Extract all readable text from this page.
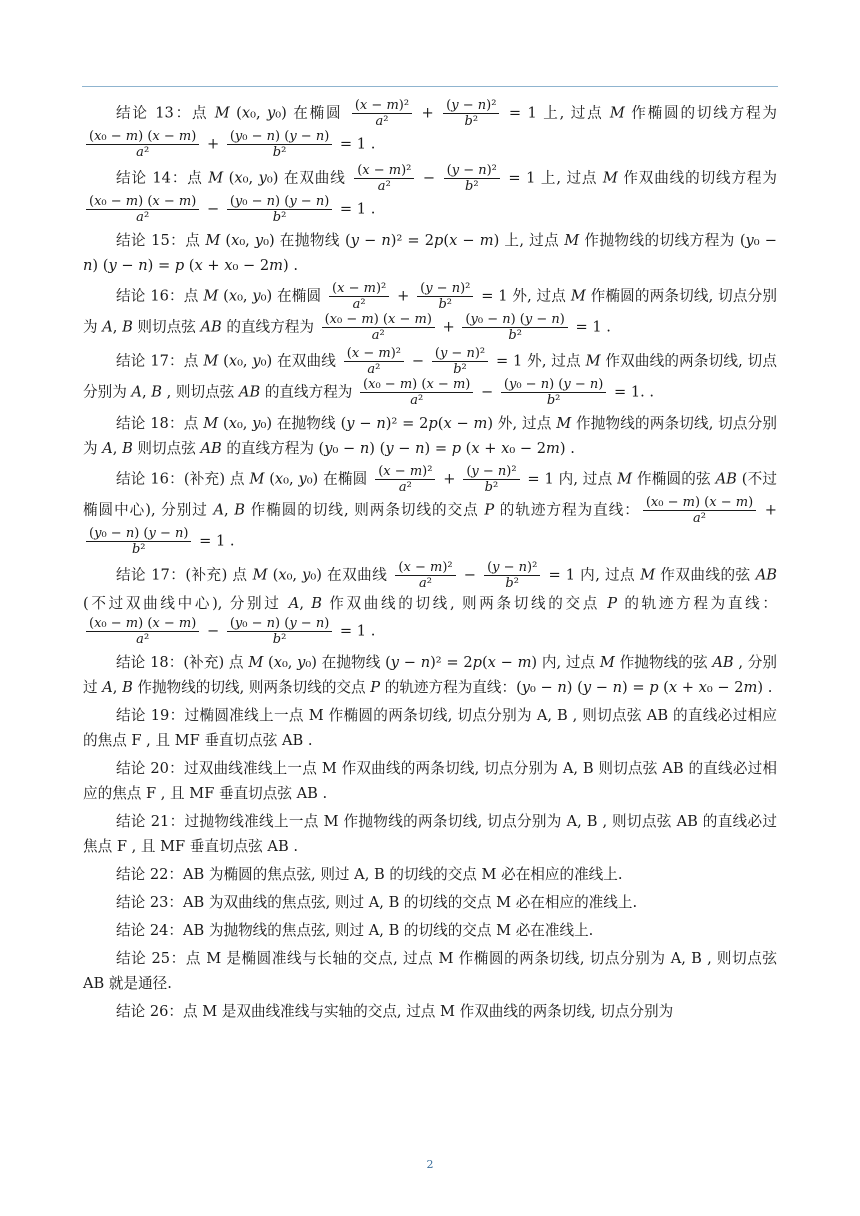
结论 13：点 M (x₀, y₀) 在椭圆 $\frac{\text{(x − m)²}}{\text{a²}} + \frac{\text{(y − n)²}}{\text{b²}} = 1$ 上, 过点 M 作椭圆的切线方程为
$\frac{\text{(x₀ − m) (x − m)}}{\text{a²}} + \frac{\text{(y₀ − n) (y − n)}}{\text{b²}} = 1$ .

结论 14：点 M (x₀, y₀) 在双曲线 $\frac{\text{(x − m)²}}{\text{a²}} - \frac{\text{(y − n)²}}{\text{b²}} = 1$ 上, 过点 M 作双曲线的切线方程为
$\frac{\text{(x₀ − m) (x − m)}}{\text{a²}} - \frac{\text{(y₀ − n) (y − n)}}{\text{b²}} = 1$ .

结论 15：点 M (x₀, y₀) 在抛物线 (y − n)² = 2p(x − m) 上, 过点 M 作抛物线的切线方程为 (y₀ − n) (y − n) = p (x + x₀ − 2m) .

结论 16：点 M (x₀, y₀) 在椭圆 $\frac{\text{(x − m)²}}{\text{a²}} + \frac{\text{(y − n)²}}{\text{b²}} = 1$ 外, 过点 M 作椭圆的两条切线, 切点分别为 A, B 则切点弦 AB 的直线方程为 $\frac{\text{(x₀ − m) (x − m)}}{\text{a²}} + \frac{\text{(y₀ − n) (y − n)}}{\text{b²}} = 1$ .

结论 17：点 M (x₀, y₀) 在双曲线 $\frac{\text{(x − m)²}}{\text{a²}} - \frac{\text{(y − n)²}}{\text{b²}} = 1$ 外, 过点 M 作双曲线的两条切线, 切点分别为 A, B , 则切点弦 AB 的直线方程为 $\frac{\text{(x₀ − m) (x − m)}}{\text{a²}} - \frac{\text{(y₀ − n) (y − n)}}{\text{b²}} = 1$. .

结论 18：点 M (x₀, y₀) 在抛物线 (y − n)² = 2p(x − m) 外, 过点 M 作抛物线的两条切线, 切点分别为 A, B 则切点弦 AB 的直线方程为 (y₀ − n) (y − n) = p (x + x₀ − 2m) .

结论 16：(补充) 点 M (x₀, y₀) 在椭圆 $\frac{\text{(x − m)²}}{\text{a²}} + \frac{\text{(y − n)²}}{\text{b²}} = 1$ 内, 过点 M 作椭圆的弦 AB (不过椭圆中心), 分别过 A, B 作椭圆的切线, 则两条切线的交点 P 的轨迹方程为直线： $\frac{\text{(x₀ − m) (x − m)}}{\text{a²}}$ +
$\frac{\text{(y₀ − n) (y − n)}}{\text{b²}} = 1$ .

结论 17：(补充) 点 M (x₀, y₀) 在双曲线 $\frac{\text{(x − m)²}}{\text{a²}} - \frac{\text{(y − n)²}}{\text{b²}} = 1$ 内, 过点 M 作双曲线的弦 AB (不过双曲线中心), 分别过 A, B 作双曲线的切线, 则两条切线的交点 P 的轨迹方程为直线：
$\frac{\text{(x₀ − m) (x − m)}}{\text{a²}} - \frac{\text{(y₀ − n) (y − n)}}{\text{b²}} = 1$ .

结论 18：(补充) 点 M (x₀, y₀) 在抛物线 (y − n)² = 2p(x − m) 内, 过点 M 作抛物线的弦 AB , 分别过 A, B 作抛物线的切线, 则两条切线的交点 P 的轨迹方程为直线：(y₀ − n) (y − n) = p (x + x₀ − 2m) .

结论 19：过椭圆准线上一点 M 作椭圆的两条切线, 切点分别为 A, B , 则切点弦 AB 的直线必过相应的焦点 F , 且 MF 垂直切点弦 AB .

结论 20：过双曲线准线上一点 M 作双曲线的两条切线, 切点分别为 A, B 则切点弦 AB 的直线必过相应的焦点 F , 且 MF 垂直切点弦 AB .

结论 21：过抛物线准线上一点 M 作抛物线的两条切线, 切点分别为 A, B , 则切点弦 AB 的直线必过焦点 F , 且 MF 垂直切点弦 AB .

结论 22：AB 为椭圆的焦点弦, 则过 A, B 的切线的交点 M 必在相应的准线上.

结论 23：AB 为双曲线的焦点弦, 则过 A, B 的切线的交点 M 必在相应的准线上.

结论 24：AB 为抛物线的焦点弦, 则过 A, B 的切线的交点 M 必在准线上.

结论 25：点 M 是椭圆准线与长轴的交点, 过点 M 作椭圆的两条切线, 切点分别为 A, B , 则切点弦 AB 就是通径.

结论 26：点 M 是双曲线准线与实轴的交点, 过点 M 作双曲线的两条切线, 切点分别为

2
